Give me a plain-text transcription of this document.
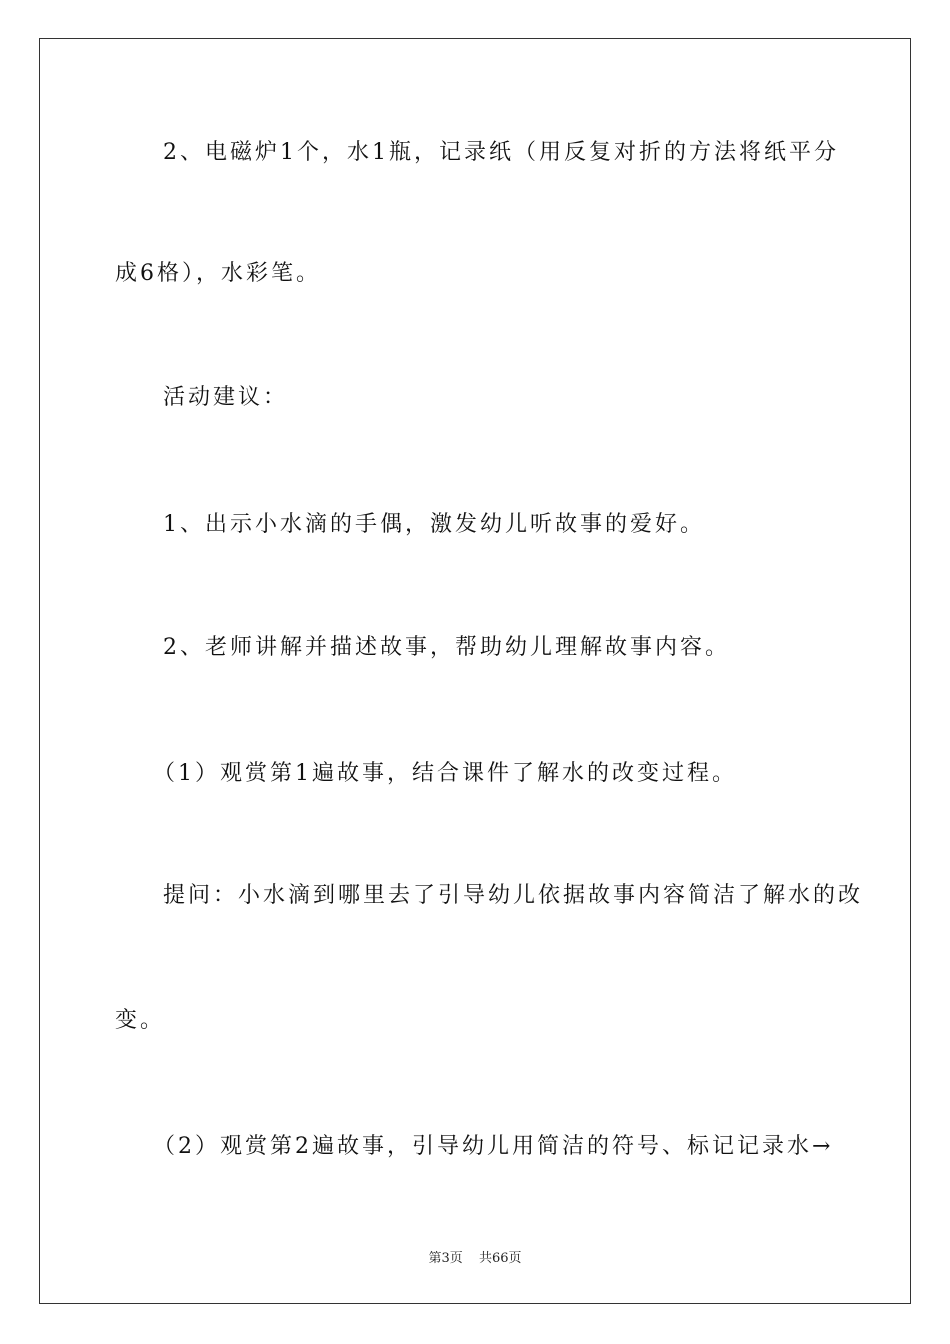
2、电磁炉1个，水1瓶，记录纸（用反复对折的方法将纸平分
成6格），水彩笔。
活动建议：
1、出示小水滴的手偶，激发幼儿听故事的爱好。
2、老师讲解并描述故事，帮助幼儿理解故事内容。
（1）观赏第1遍故事，结合课件了解水的改变过程。
提问：小水滴到哪里去了引导幼儿依据故事内容简洁了解水的改
变。
（2）观赏第2遍故事，引导幼儿用简洁的符号、标记记录水→
第3页 共66页
